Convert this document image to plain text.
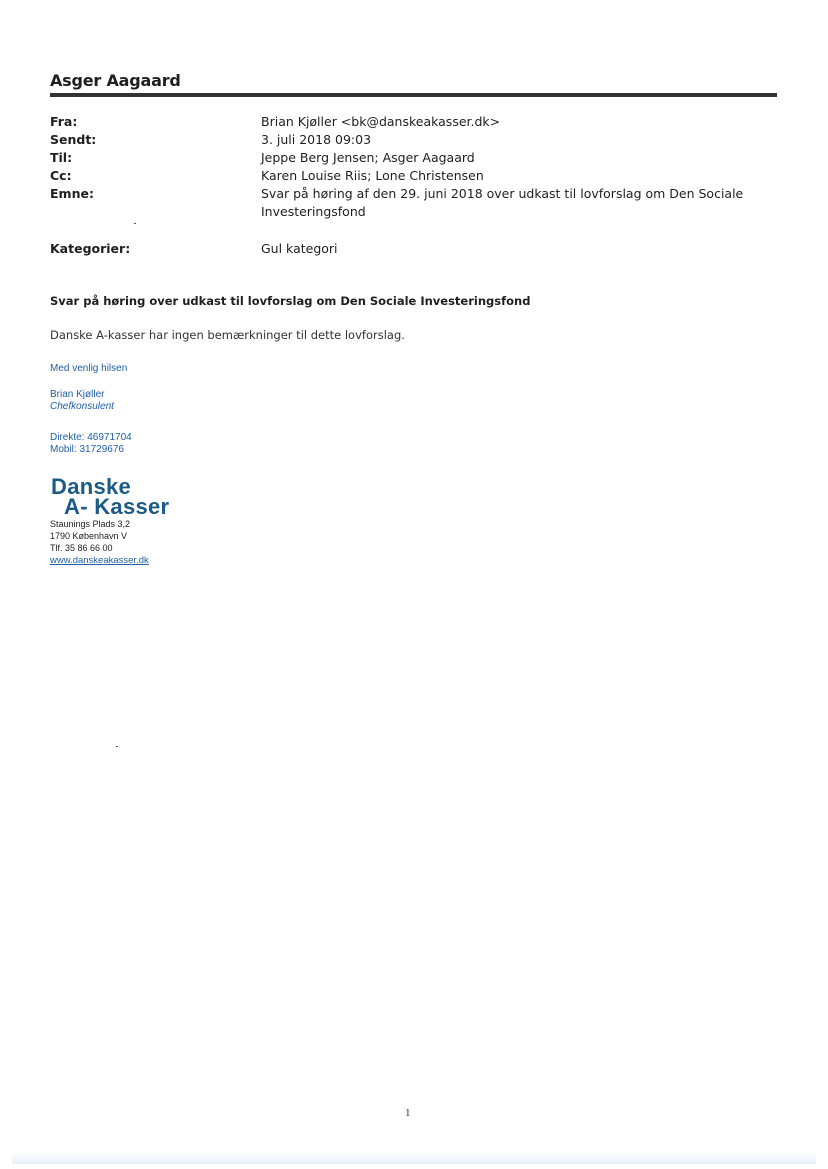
Asger Aagaard
Fra:	Brian Kjøller <bk@danskeakasser.dk>
Sendt:	3. juli 2018 09:03
Til:	Jeppe Berg Jensen; Asger Aagaard
Cc:	Karen Louise Riis; Lone Christensen
Emne:	Svar på høring af den 29. juni 2018 over udkast til lovforslag om Den Sociale Investeringsfond
Kategorier:	Gul kategori

Svar på høring over udkast til lovforslag om Den Sociale Investeringsfond

Danske A-kasser har ingen bemærkninger til dette lovforslag.

Med venlig hilsen

Brian Kjøller

Chefkonsulent

Direkte: 46971704

Mobil: 31729676

Danske
A- Kasser

Staunings Plads 3,2

1790 København V

Tlf. 35 86 66 00

www.danskeakasser.dk
1
